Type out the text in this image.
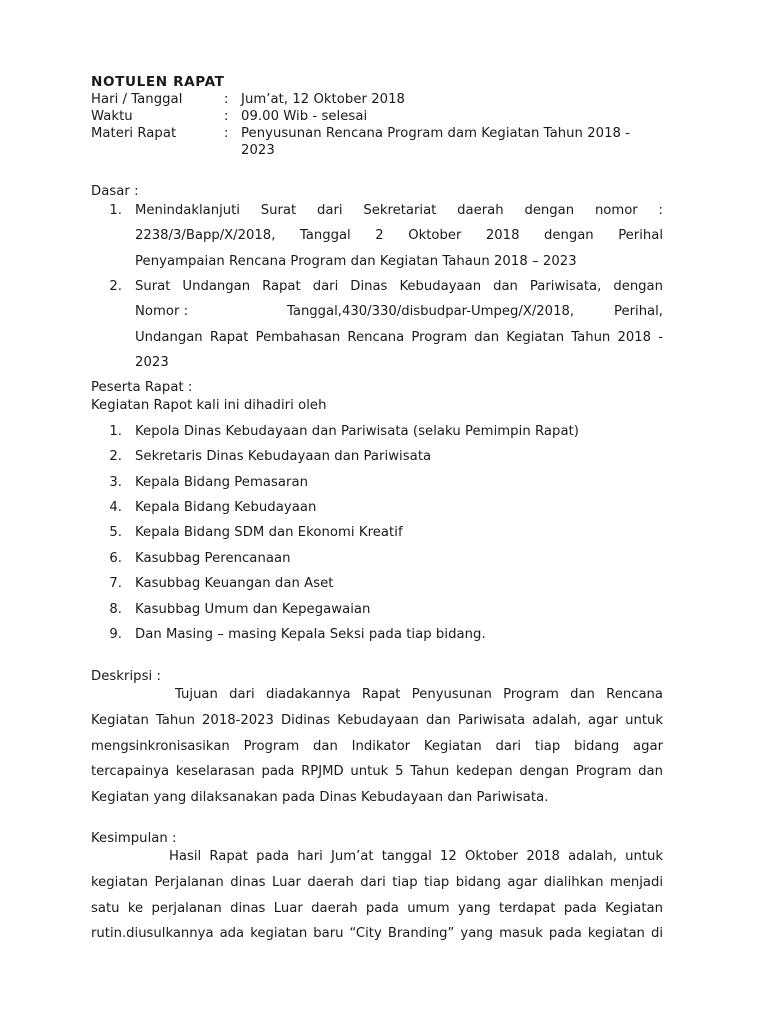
NOTULEN RAPAT
Hari / Tanggal	: Jum’at, 12 Oktober 2018
Waktu	: 09.00 Wib - selesai
Materi Rapat	: Penyusunan Rencana Program dam Kegiatan Tahun 2018 -
2023
Dasar :
1. Menindaklanjuti Surat dari Sekretariat daerah dengan nomor :
2238/3/Bapp/X/2018, Tanggal 2 Oktober 2018 dengan Perihal
Penyampaian Rencana Program dan Kegiatan Tahaun 2018 – 2023
2. Surat Undangan Rapat dari Dinas Kebudayaan dan Pariwisata, dengan
Nomor :	Tanggal,430/330/disbudpar-Umpeg/X/2018, Perihal,
Undangan Rapat Pembahasan Rencana Program dan Kegiatan Tahun 2018 -
2023
Peserta Rapat :
Kegiatan Rapot kali ini dihadiri oleh
1. Kepola Dinas Kebudayaan dan Pariwisata (selaku Pemimpin Rapat)
2. Sekretaris Dinas Kebudayaan dan Pariwisata
3. Kepala Bidang Pemasaran
4. Kepala Bidang Kebudayaan
5. Kepala Bidang SDM dan Ekonomi Kreatif
6. Kasubbag Perencanaan
7. Kasubbag Keuangan dan Aset
8. Kasubbag Umum dan Kepegawaian
9. Dan Masing – masing Kepala Seksi pada tiap bidang.
Deskripsi :
Tujuan dari diadakannya Rapat Penyusunan Program dan Rencana
Kegiatan Tahun 2018-2023 Didinas Kebudayaan dan Pariwisata adalah, agar untuk
mengsinkronisasikan Program dan Indikator Kegiatan dari tiap bidang agar
tercapainya keselarasan pada RPJMD untuk 5 Tahun kedepan dengan Program dan
Kegiatan yang dilaksanakan pada Dinas Kebudayaan dan Pariwisata.
Kesimpulan :
Hasil Rapat pada hari Jum’at tanggal 12 Oktober 2018 adalah, untuk
kegiatan Perjalanan dinas Luar daerah dari tiap tiap bidang agar dialihkan menjadi
satu ke perjalanan dinas Luar daerah pada umum yang terdapat pada Kegiatan
rutin.diusulkannya ada kegiatan baru “City Branding” yang masuk pada kegiatan di
